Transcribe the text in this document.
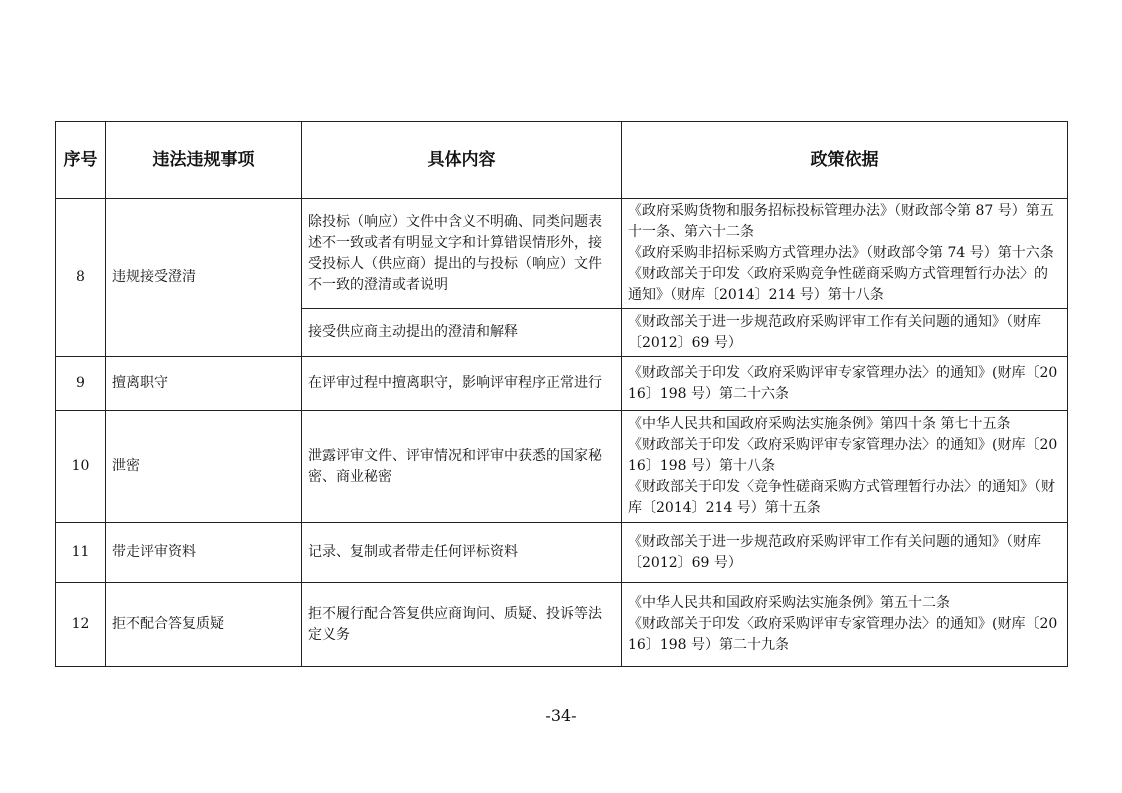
序号	违法违规事项	具体内容	政策依据
8	违规接受澄清	除投标（响应）文件中含义不明确、同类问题表述不一致或者有明显文字和计算错误情形外，接受投标人（供应商）提出的与投标（响应）文件不一致的澄清或者说明	《政府采购货物和服务招标投标管理办法》（财政部令第 87 号）第五十一条、第六十二条
《政府采购非招标采购方式管理办法》（财政部令第 74 号）第十六条
《财政部关于印发〈政府采购竞争性磋商采购方式管理暂行办法〉的通知》（财库〔2014〕214 号）第十八条

		接受供应商主动提出的澄清和解释	《财政部关于进一步规范政府采购评审工作有关问题的通知》（财库〔2012〕69 号）

9	擅离职守	在评审过程中擅离职守，影响评审程序正常进行	《财政部关于印发〈政府采购评审专家管理办法〉的通知》(财库〔2016〕198 号）第二十六条

10	泄密	泄露评审文件、评审情况和评审中获悉的国家秘密、商业秘密	《中华人民共和国政府采购法实施条例》第四十条 第七十五条
《财政部关于印发〈政府采购评审专家管理办法〉的通知》(财库〔2016〕198 号）第十八条
《财政部关于印发〈竞争性磋商采购方式管理暂行办法〉的通知》（财库〔2014〕214 号）第十五条

11	带走评审资料	记录、复制或者带走任何评标资料	《财政部关于进一步规范政府采购评审工作有关问题的通知》（财库〔2012〕69 号）

12	拒不配合答复质疑	拒不履行配合答复供应商询问、质疑、投诉等法定义务	《中华人民共和国政府采购法实施条例》第五十二条
《财政部关于印发〈政府采购评审专家管理办法〉的通知》(财库〔2016〕198 号）第二十九条
-34-
